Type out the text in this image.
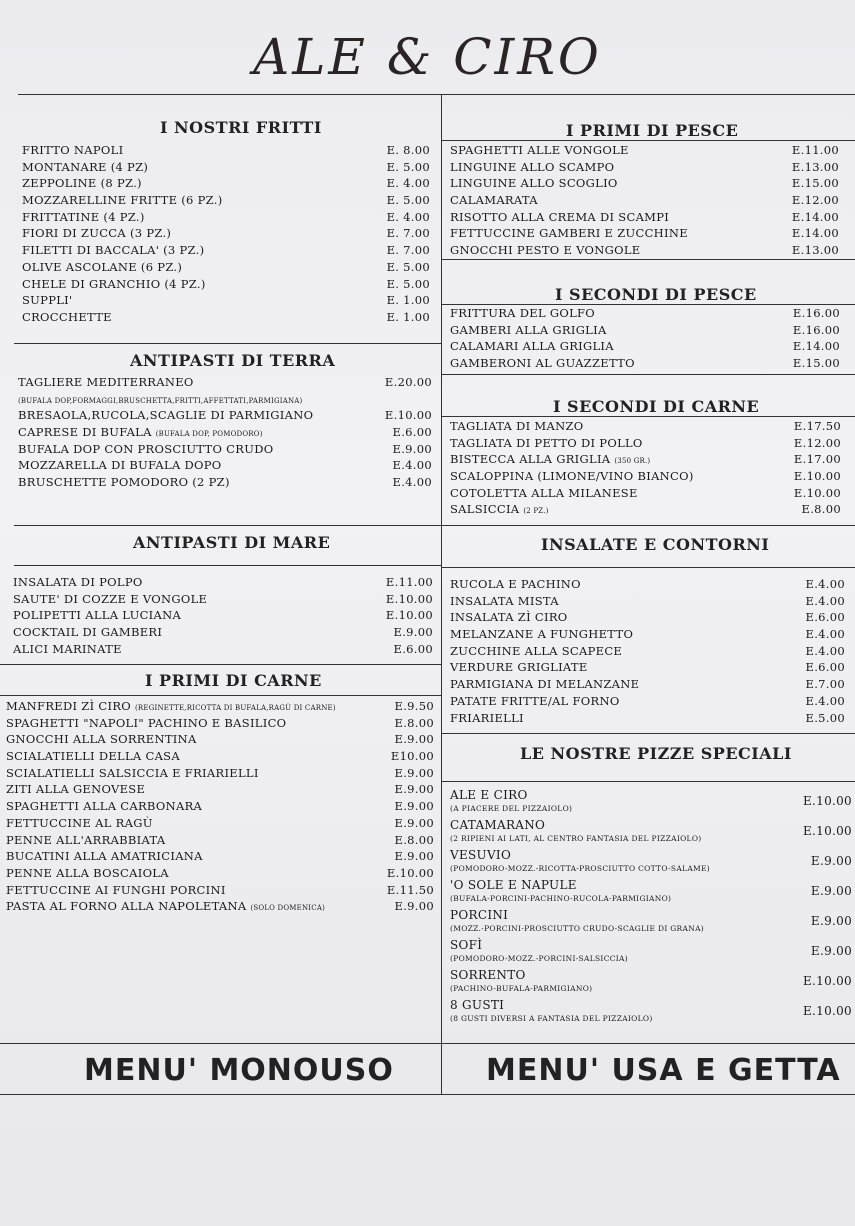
ALE & CIRO
I NOSTRI FRITTI
FRITTO NAPOLI	E. 8.00
MONTANARE (4 PZ)	E. 5.00
ZEPPOLINE (8 PZ.)	E. 4.00
MOZZARELLINE FRITTE (6 PZ.)	E. 5.00
FRITTATINE (4 PZ.)	E. 4.00
FIORI DI ZUCCA (3 PZ.)	E. 7.00
FILETTI DI BACCALA' (3 PZ.)	E. 7.00
OLIVE ASCOLANE (6 PZ.)	E. 5.00
CHELE DI GRANCHIO (4 PZ.)	E. 5.00
SUPPLI'	E. 1.00
CROCCHETTE	E. 1.00
ANTIPASTI DI TERRA
TAGLIERE MEDITERRANEO	E.20.00
(BUFALA DOP,FORMAGGI,BRUSCHETTA,FRITTI,AFFETTATI,PARMIGIANA)
BRESAOLA,RUCOLA,SCAGLIE DI PARMIGIANO	E.10.00
CAPRESE DI BUFALA (BUFALA DOP, POMODORO)	E.6.00
BUFALA DOP CON PROSCIUTTO CRUDO	E.9.00
MOZZARELLA DI BUFALA DOPO	E.4.00
BRUSCHETTE POMODORO (2 PZ)	E.4.00
ANTIPASTI DI MARE
INSALATA DI POLPO	E.11.00
SAUTE' DI COZZE E VONGOLE	E.10.00
POLIPETTI ALLA LUCIANA	E.10.00
COCKTAIL DI GAMBERI	E.9.00
ALICI MARINATE	E.6.00
I PRIMI DI CARNE
MANFREDI ZÌ CIRO (REGINETTE,RICOTTA DI BUFALA,RAGÙ DI CARNE)	E.9.50
SPAGHETTI "NAPOLI" PACHINO E BASILICO	E.8.00
GNOCCHI ALLA SORRENTINA	E.9.00
SCIALATIELLI DELLA CASA	E10.00
SCIALATIELLI SALSICCIA E FRIARIELLI	E.9.00
ZITI ALLA GENOVESE	E.9.00
SPAGHETTI ALLA CARBONARA	E.9.00
FETTUCCINE AL RAGÙ	E.9.00
PENNE ALL'ARRABBIATA	E.8.00
BUCATINI ALLA AMATRICIANA	E.9.00
PENNE ALLA BOSCAIOLA	E.10.00
FETTUCCINE AI FUNGHI PORCINI	E.11.50
PASTA AL FORNO ALLA NAPOLETANA (SOLO DOMENICA)	E.9.00
I PRIMI DI PESCE
SPAGHETTI ALLE VONGOLE	E.11.00
LINGUINE ALLO SCAMPO	E.13.00
LINGUINE ALLO SCOGLIO	E.15.00
CALAMARATA	E.12.00
RISOTTO ALLA CREMA DI SCAMPI	E.14.00
FETTUCCINE GAMBERI E ZUCCHINE	E.14.00
GNOCCHI PESTO E VONGOLE	E.13.00
I SECONDI DI PESCE
FRITTURA DEL GOLFO	E.16.00
GAMBERI ALLA GRIGLIA	E.16.00
CALAMARI ALLA GRIGLIA	E.14.00
GAMBERONI AL GUAZZETTO	E.15.00
I SECONDI DI CARNE
TAGLIATA DI MANZO	E.17.50
TAGLIATA DI PETTO DI POLLO	E.12.00
BISTECCA ALLA GRIGLIA (350 GR.)	E.17.00
SCALOPPINA (LIMONE/VINO BIANCO)	E.10.00
COTOLETTA ALLA MILANESE	E.10.00
SALSICCIA (2 PZ.)	E.8.00
INSALATE E CONTORNI
RUCOLA E PACHINO	E.4.00
INSALATA MISTA	E.4.00
INSALATA ZÌ CIRO	E.6.00
MELANZANE A FUNGHETTO	E.4.00
ZUCCHINE ALLA SCAPECE	E.4.00
VERDURE GRIGLIATE	E.6.00
PARMIGIANA DI MELANZANE	E.7.00
PATATE FRITTE/AL FORNO	E.4.00
FRIARIELLI	E.5.00
LE NOSTRE PIZZE SPECIALI
ALE E CIRO
(A PIACERE DEL PIZZAIOLO)
E.10.00
CATAMARANO
(2 RIPIENI AI LATI, AL CENTRO FANTASIA DEL PIZZAIOLO)
E.10.00
VESUVIO
(POMODORO-MOZZ.-RICOTTA-PROSCIUTTO COTTO-SALAME)
E.9.00
'O SOLE E NAPULE
(BUFALA-PORCINI-PACHINO-RUCOLA-PARMIGIANO)
E.9.00
PORCINI
(MOZZ.-PORCINI-PROSCIUTTO CRUDO-SCAGLIE DI GRANA)
E.9.00
SOFÌ
(POMODORO-MOZZ.-PORCINI-SALSICCIA)
E.9.00
SORRENTO
(PACHINO-BUFALA-PARMIGIANO)
E.10.00
8 GUSTI
(8 GUSTI DIVERSI A FANTASIA DEL PIZZAIOLO)
E.10.00
MENU' MONOUSO	MENU' USA E GETTA
